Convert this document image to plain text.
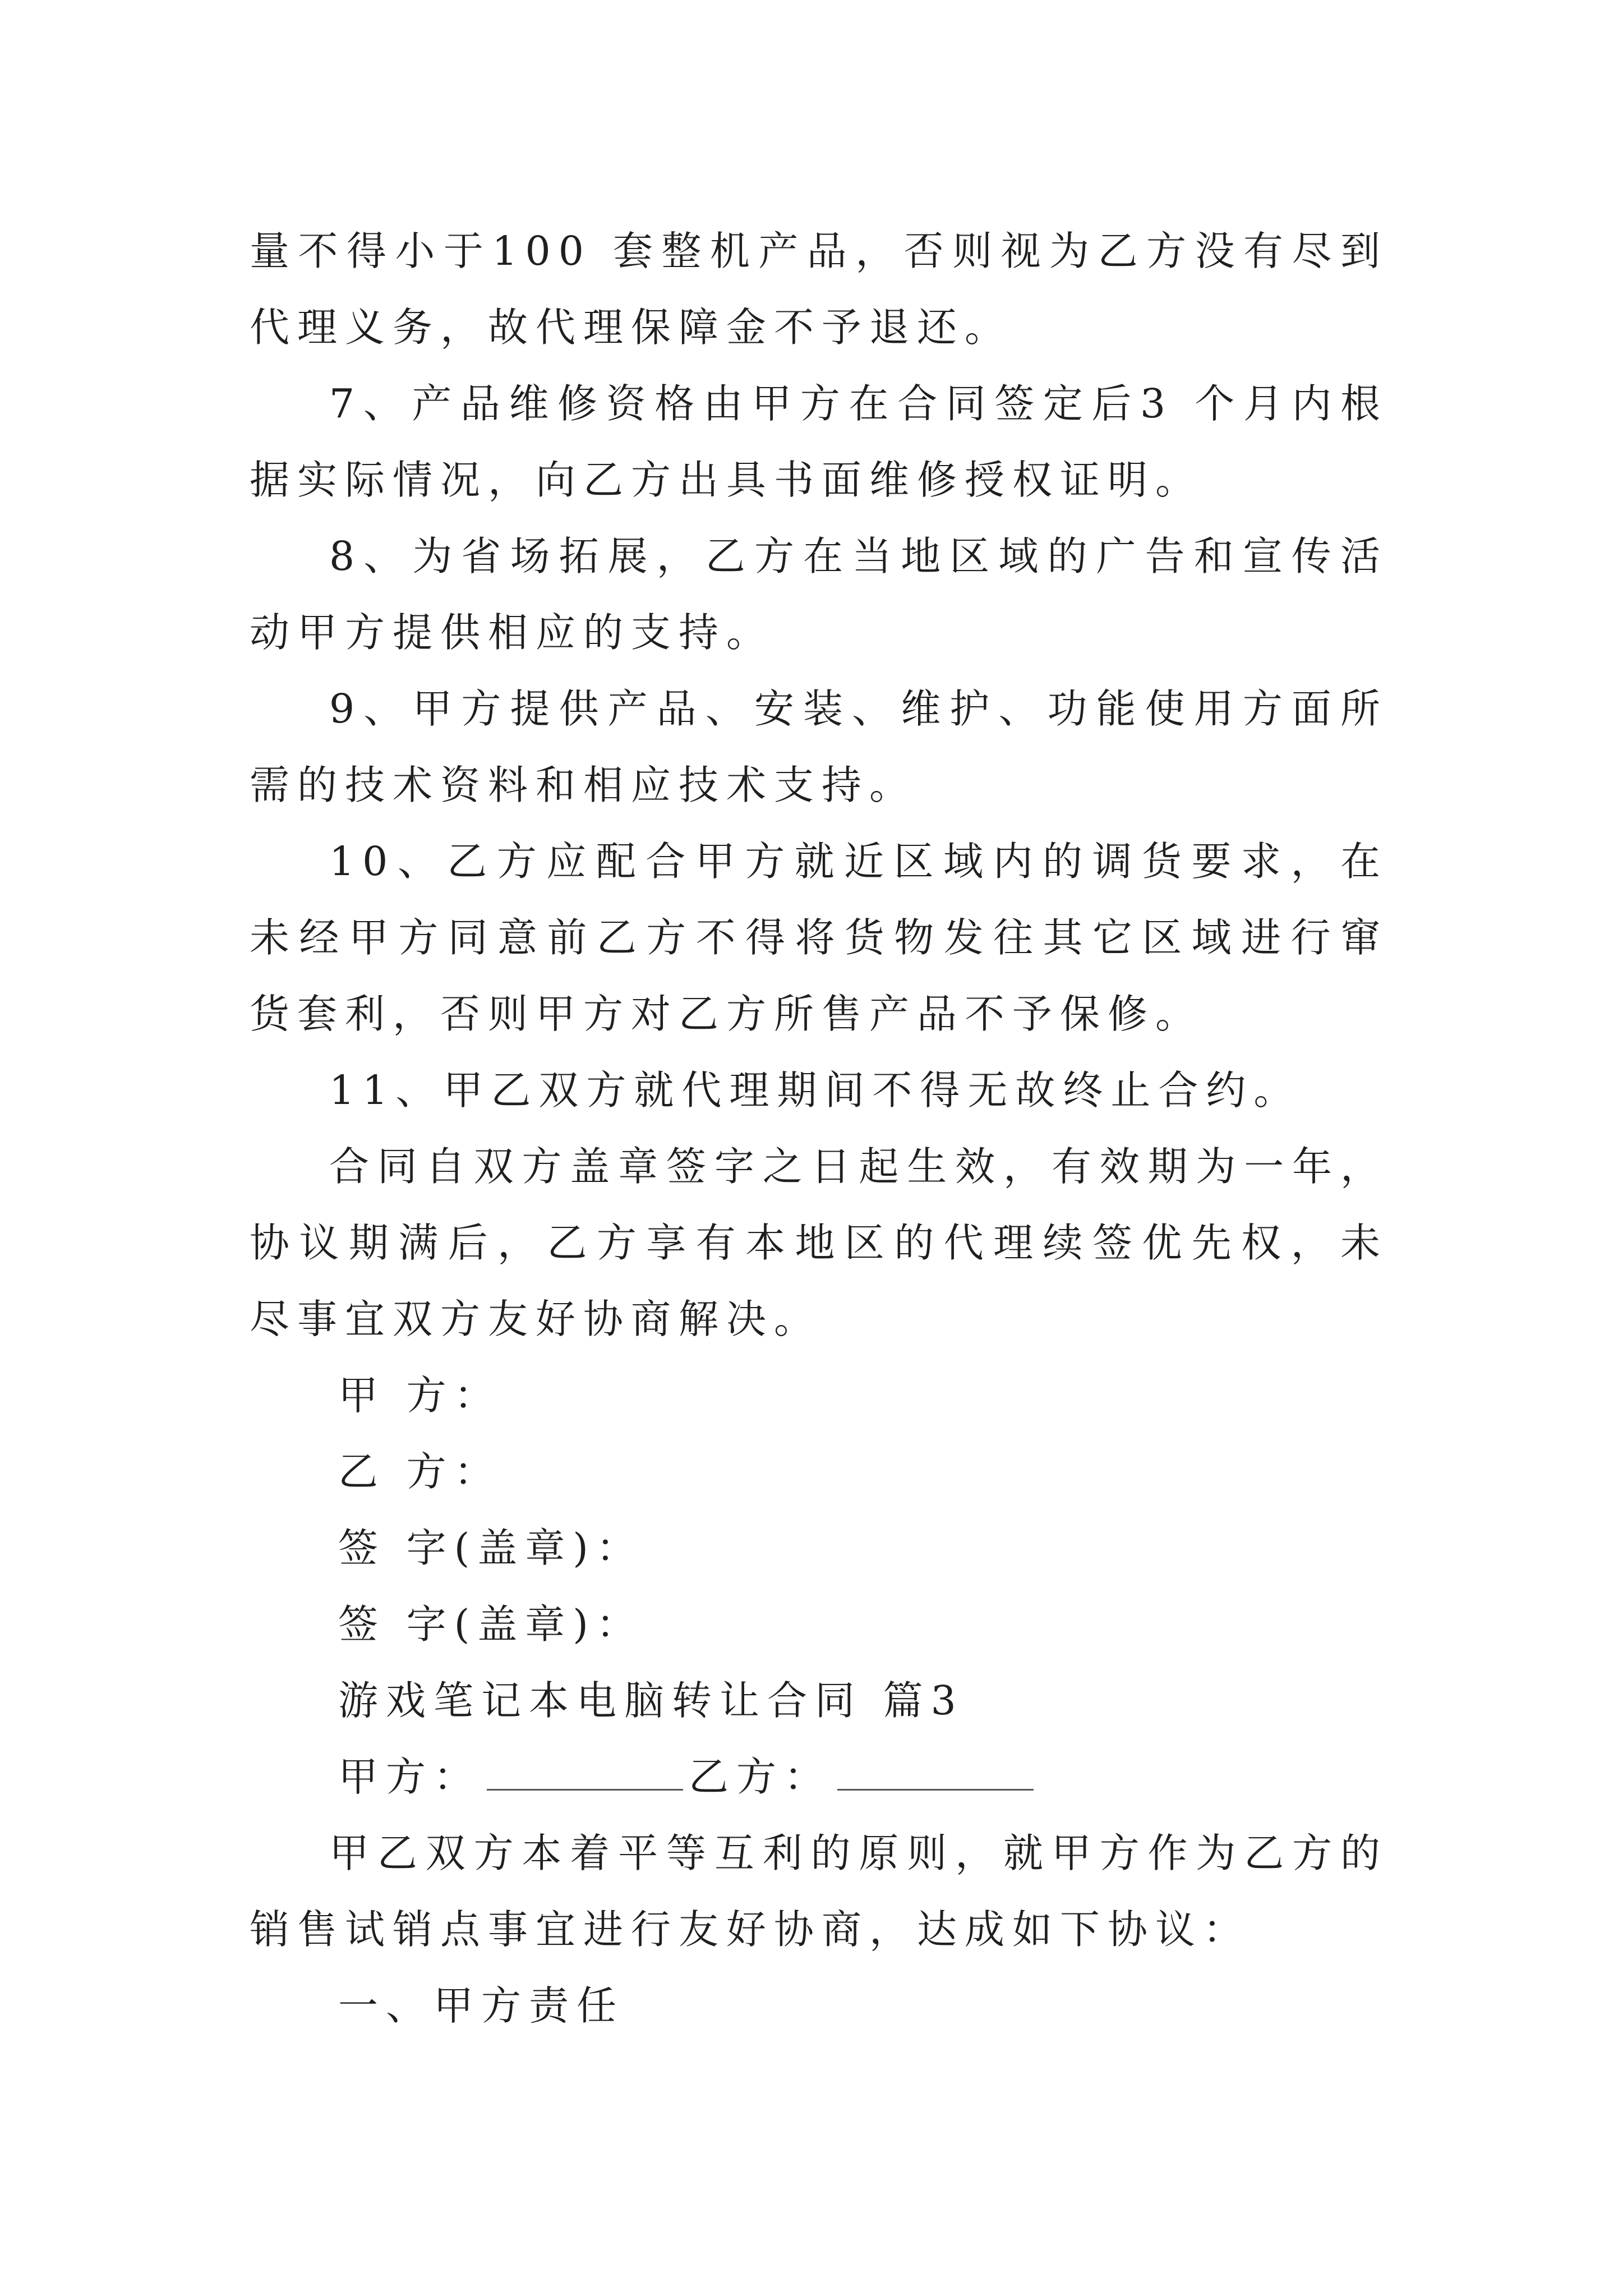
量不得小于100 套整机产品，否则视为乙方没有尽到代理义务，故代理保障金不予退还。

7、产品维修资格由甲方在合同签定后3 个月内根据实际情况，向乙方出具书面维修授权证明。

8、为省场拓展，乙方在当地区域的广告和宣传活动甲方提供相应的支持。

9、甲方提供产品、安装、维护、功能使用方面所需的技术资料和相应技术支持。

10、乙方应配合甲方就近区域内的调货要求，在未经甲方同意前乙方不得将货物发往其它区域进行窜货套利，否则甲方对乙方所售产品不予保修。

11、甲乙双方就代理期间不得无故终止合约。

合同自双方盖章签字之日起生效，有效期为一年，协议期满后，乙方享有本地区的代理续签优先权，未尽事宜双方友好协商解决。

甲 方：

乙 方：

签 字(盖章)：

签 字(盖章)：

游戏笔记本电脑转让合同 篇3

甲方：	乙方：

甲乙双方本着平等互利的原则，就甲方作为乙方的销售试销点事宜进行友好协商，达成如下协议：

一、甲方责任
